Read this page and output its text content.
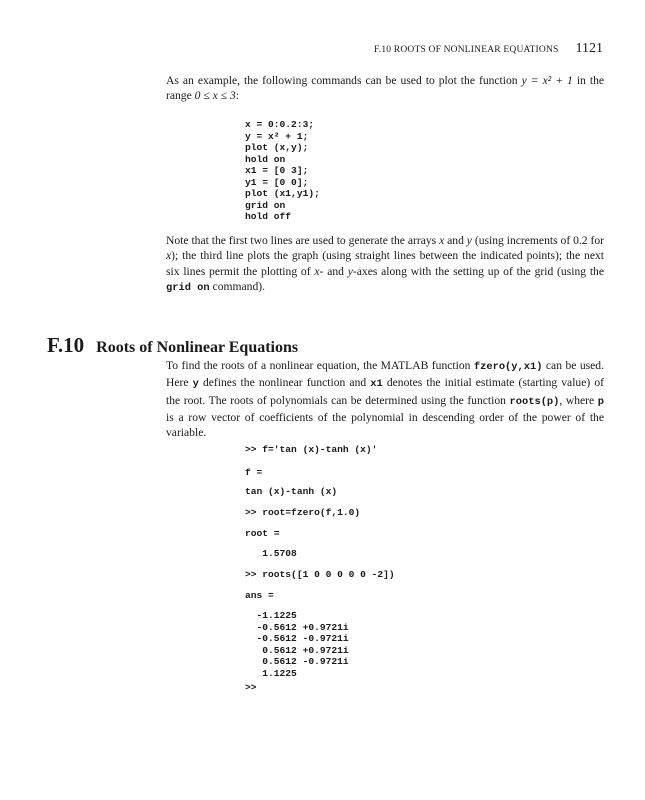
F.10 ROOTS OF NONLINEAR EQUATIONS 1121

As an example, the following commands can be used to plot the function y = x² + 1 in the range 0 ≤ x ≤ 3:

x = 0:0.2:3;
y = x² + 1;
plot (x,y);
hold on
x1 = [0 3];
y1 = [0 0];
plot (x1,y1);
grid on
hold off

Note that the first two lines are used to generate the arrays x and y (using increments of 0.2 for x); the third line plots the graph (using straight lines between the indicated points); the next six lines permit the plotting of x- and y-axes along with the setting up of the grid (using the grid on command).

F.10 Roots of Nonlinear Equations

To find the roots of a nonlinear equation, the MATLAB function fzero(y,x1) can be used. Here y defines the nonlinear function and x1 denotes the initial estimate (starting value) of the root. The roots of polynomials can be determined using the function roots(p), where p is a row vector of coefficients of the polynomial in descending order of the power of the variable.

>> f='tan (x)-tanh (x)'
f =
tan (x)-tanh (x)
>> root=fzero(f,1.0)
root =
1.5708
>> roots([1 0 0 0 0 0 -2])
ans =
-1.1225
-0.5612 +0.9721i
-0.5612 -0.9721i
0.5612 +0.9721i
0.5612 -0.9721i
1.1225
>>
